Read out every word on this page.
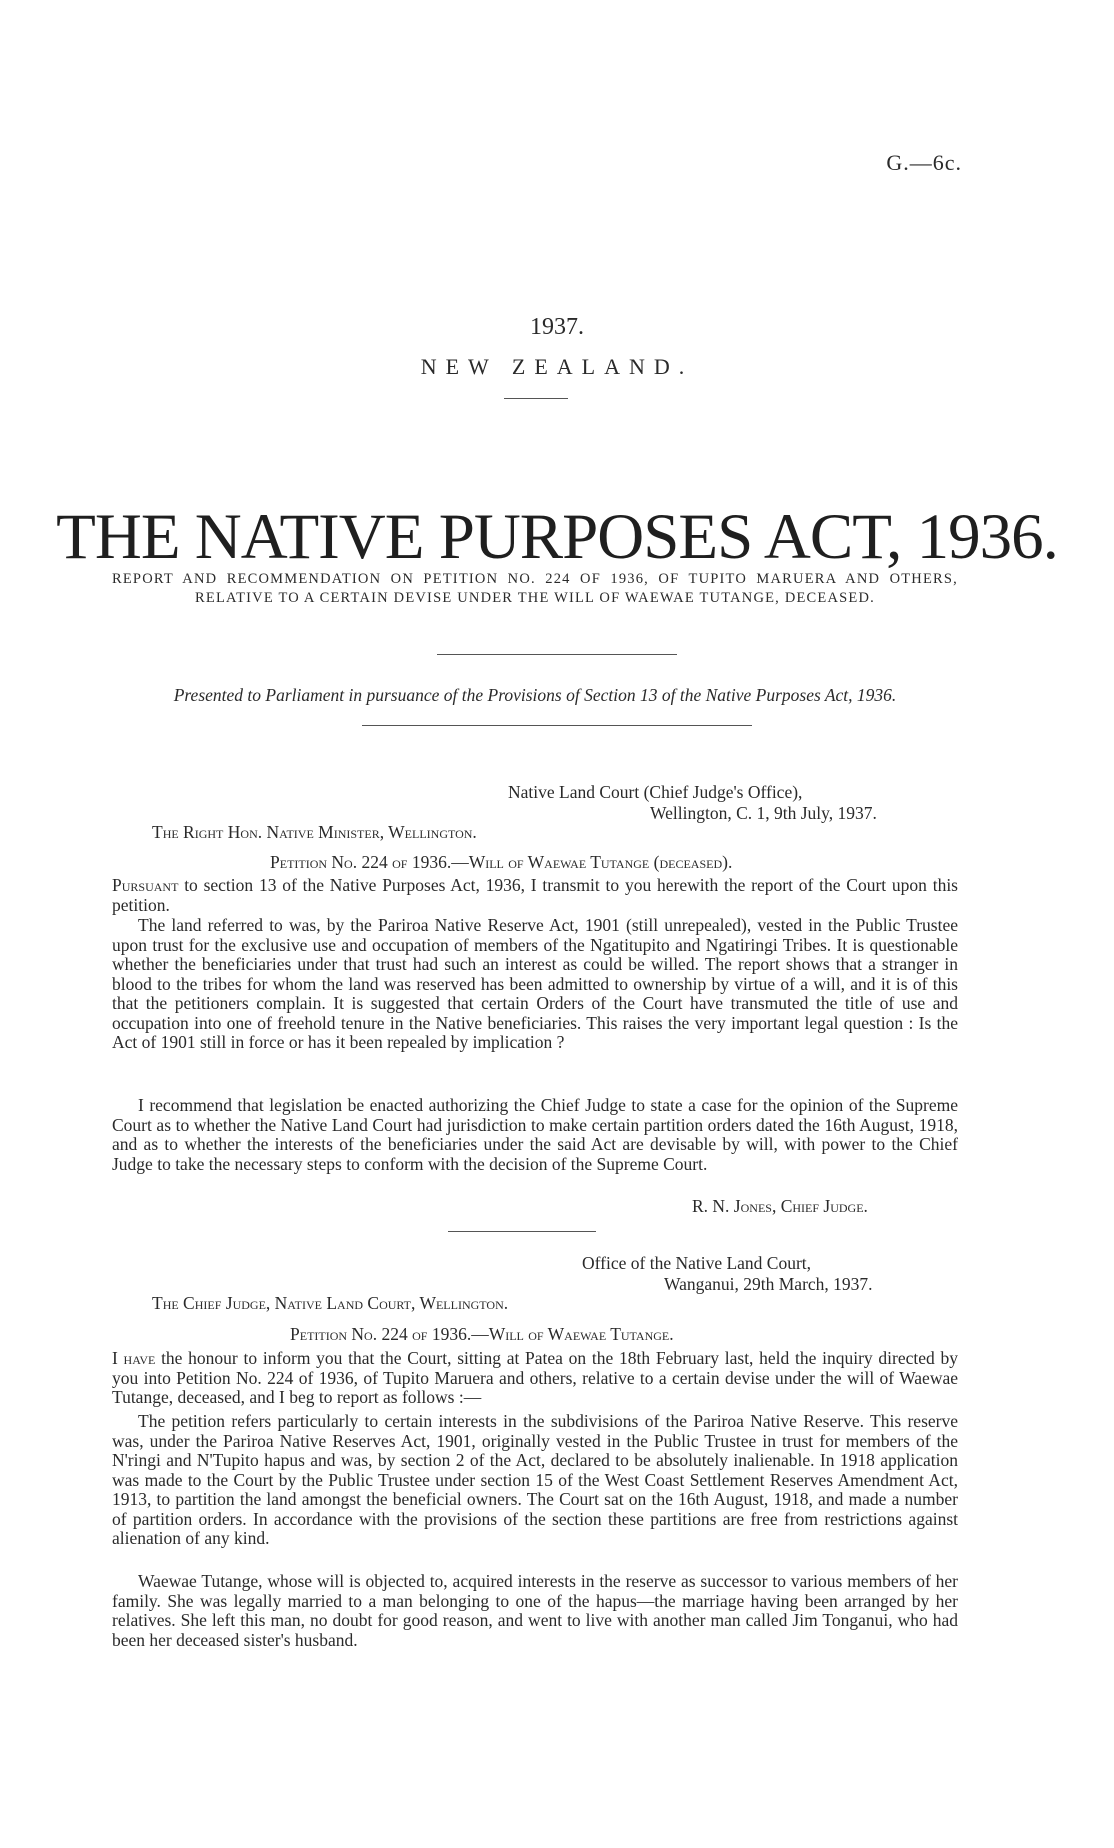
G.—6c.
1937.
NEW ZEALAND.
THE NATIVE PURPOSES ACT, 1936.
REPORT AND RECOMMENDATION ON PETITION NO. 224 OF 1936, OF TUPITO MARUERA AND OTHERS, RELATIVE TO A CERTAIN DEVISE UNDER THE WILL OF WAEWAE TUTANGE, DECEASED.
Presented to Parliament in pursuance of the Provisions of Section 13 of the Native Purposes Act, 1936.
Native Land Court (Chief Judge's Office),
Wellington, C. 1, 9th July, 1937.
The Right Hon. Native Minister, Wellington.
Petition No. 224 of 1936.—Will of Waewae Tutange (deceased).
Pursuant to section 13 of the Native Purposes Act, 1936, I transmit to you herewith the report of the Court upon this petition.
The land referred to was, by the Pariroa Native Reserve Act, 1901 (still unrepealed), vested in the Public Trustee upon trust for the exclusive use and occupation of members of the Ngatitupito and Ngatiringi Tribes. It is questionable whether the beneficiaries under that trust had such an interest as could be willed. The report shows that a stranger in blood to the tribes for whom the land was reserved has been admitted to ownership by virtue of a will, and it is of this that the petitioners complain. It is suggested that certain Orders of the Court have transmuted the title of use and occupation into one of freehold tenure in the Native beneficiaries. This raises the very important legal question : Is the Act of 1901 still in force or has it been repealed by implication ?
I recommend that legislation be enacted authorizing the Chief Judge to state a case for the opinion of the Supreme Court as to whether the Native Land Court had jurisdiction to make certain partition orders dated the 16th August, 1918, and as to whether the interests of the beneficiaries under the said Act are devisable by will, with power to the Chief Judge to take the necessary steps to conform with the decision of the Supreme Court.
R. N. Jones, Chief Judge.
Office of the Native Land Court,
Wanganui, 29th March, 1937.
The Chief Judge, Native Land Court, Wellington.
Petition No. 224 of 1936.—Will of Waewae Tutange.
I have the honour to inform you that the Court, sitting at Patea on the 18th February last, held the inquiry directed by you into Petition No. 224 of 1936, of Tupito Maruera and others, relative to a certain devise under the will of Waewae Tutange, deceased, and I beg to report as follows :—
The petition refers particularly to certain interests in the subdivisions of the Pariroa Native Reserve. This reserve was, under the Pariroa Native Reserves Act, 1901, originally vested in the Public Trustee in trust for members of the N'ringi and N'Tupito hapus and was, by section 2 of the Act, declared to be absolutely inalienable. In 1918 application was made to the Court by the Public Trustee under section 15 of the West Coast Settlement Reserves Amendment Act, 1913, to partition the land amongst the beneficial owners. The Court sat on the 16th August, 1918, and made a number of partition orders. In accordance with the provisions of the section these partitions are free from restrictions against alienation of any kind.
Waewae Tutange, whose will is objected to, acquired interests in the reserve as successor to various members of her family. She was legally married to a man belonging to one of the hapus—the marriage having been arranged by her relatives. She left this man, no doubt for good reason, and went to live with another man called Jim Tonganui, who had been her deceased sister's husband.
